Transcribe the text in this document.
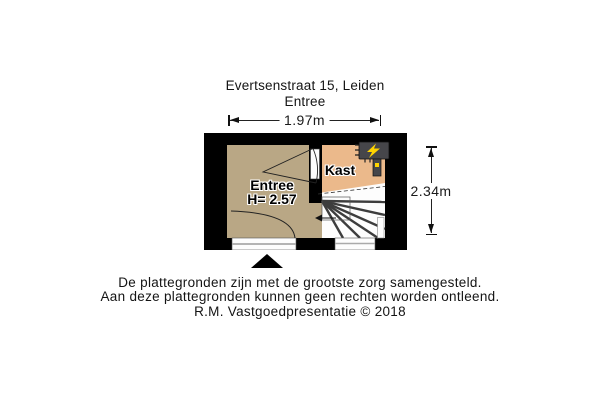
Evertsenstraat 15, Leiden
Entree
1.97m
2.34m
Entree
H= 2.57
Kast
De plattegronden zijn met de grootste zorg samengesteld.
Aan deze plattegronden kunnen geen rechten worden ontleend.
R.M. Vastgoedpresentatie © 2018
